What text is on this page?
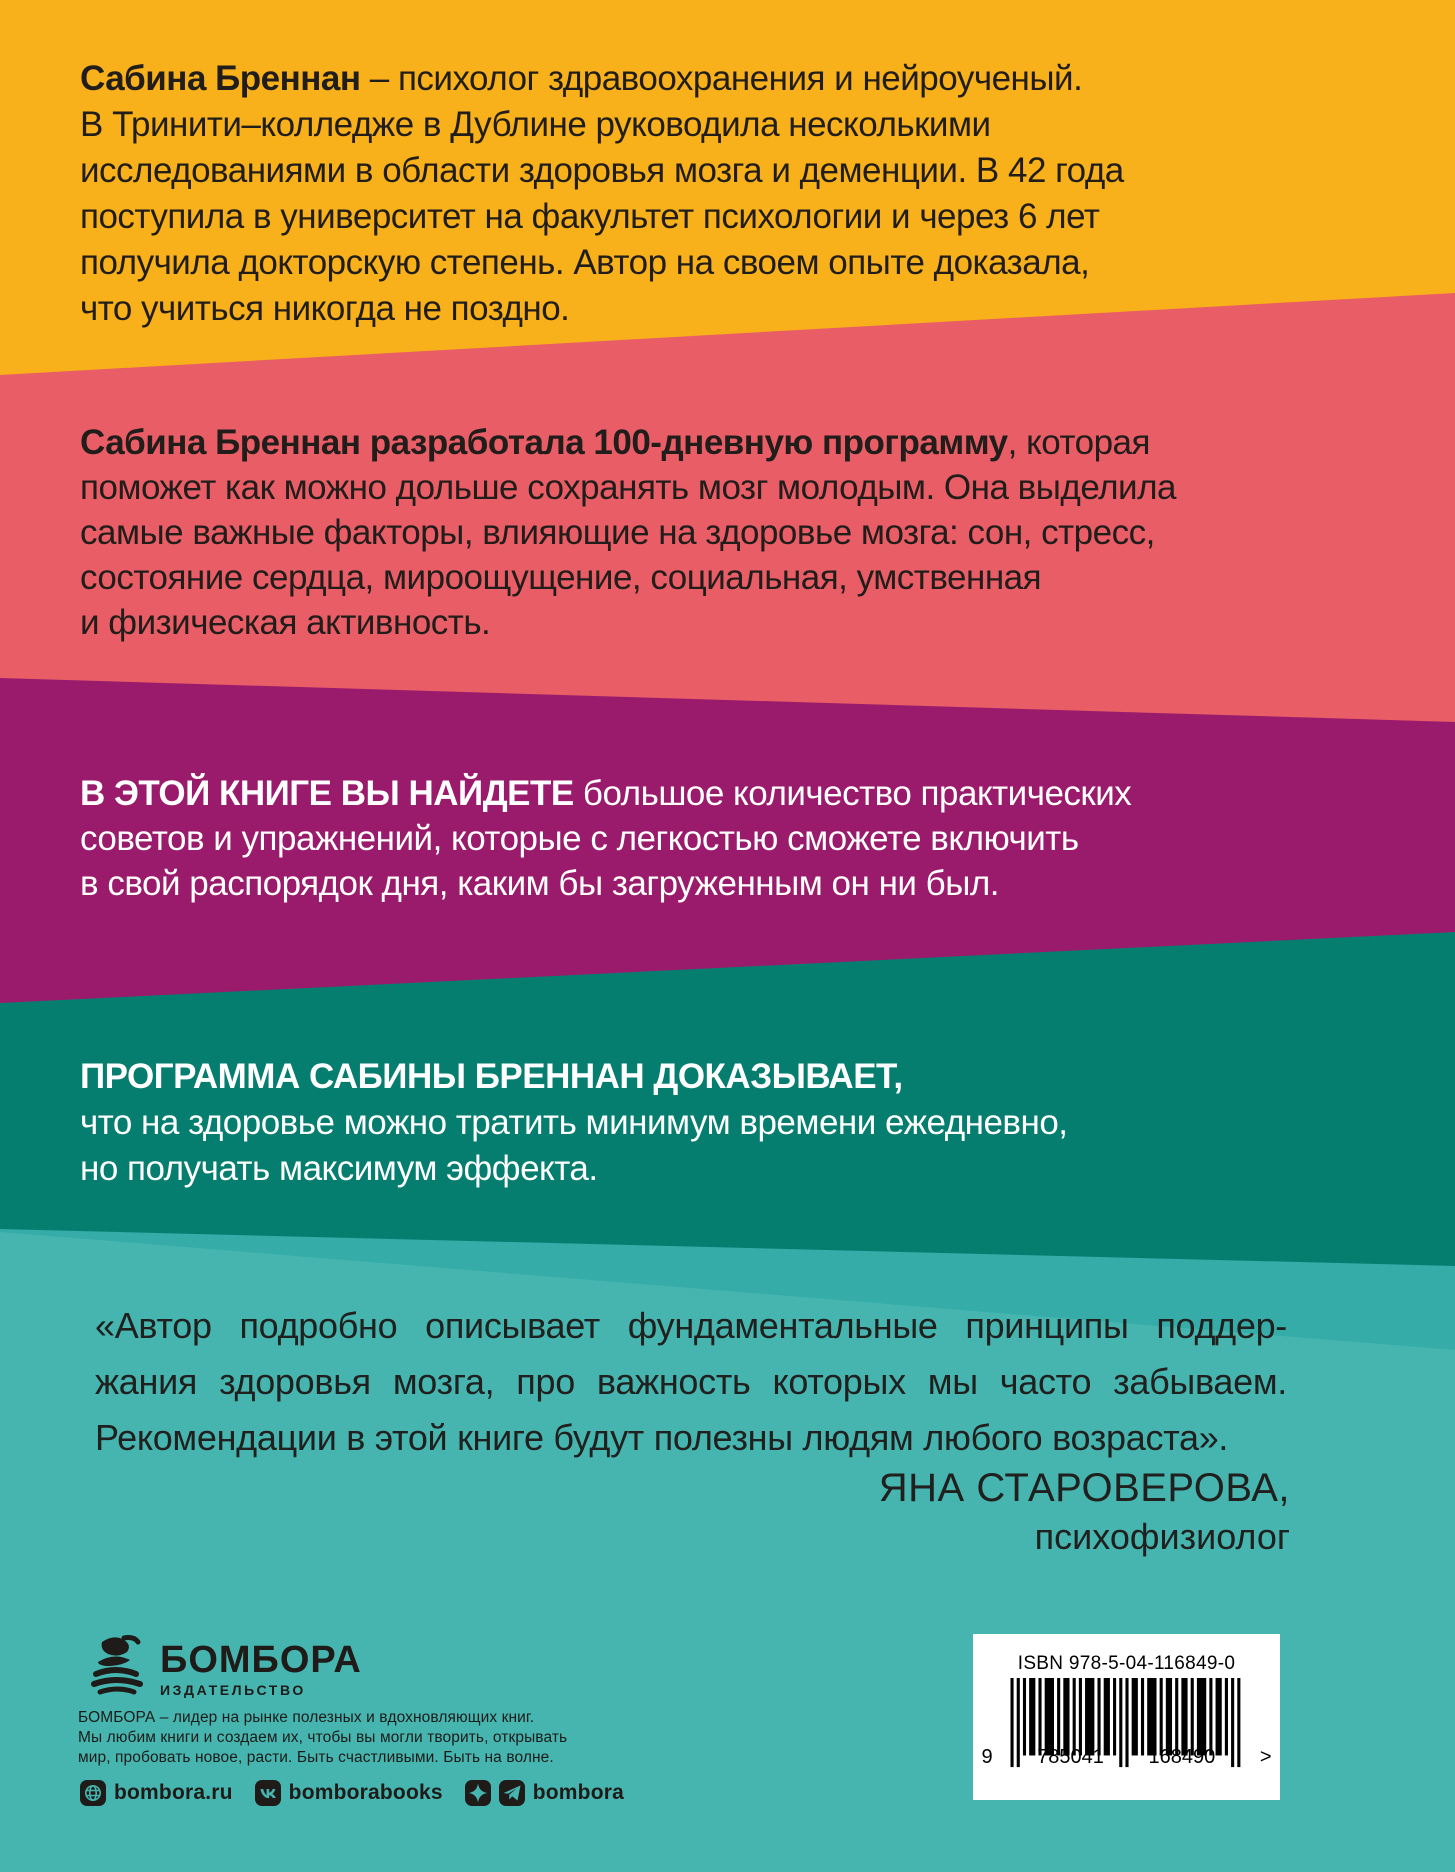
Сабина Бреннан – психолог здравоохранения и нейроученый.
В Тринити–колледже в Дублине руководила несколькими
исследованиями в области здоровья мозга и деменции. В 42 года
поступила в университет на факультет психологии и через 6 лет
получила докторскую степень. Автор на своем опыте доказала,
что учиться никогда не поздно.
Сабина Бреннан разработала 100-дневную программу, которая
поможет как можно дольше сохранять мозг молодым. Она выделила
самые важные факторы, влияющие на здоровье мозга: сон, стресс,
состояние сердца, мироощущение, социальная, умственная
и физическая активность.
В ЭТОЙ КНИГЕ ВЫ НАЙДЕТЕ большое количество практических
советов и упражнений, которые с легкостью сможете включить
в свой распорядок дня, каким бы загруженным он ни был.
ПРОГРАММА САБИНЫ БРЕННАН ДОКАЗЫВАЕТ,
что на здоровье можно тратить минимум времени ежедневно,
но получать максимум эффекта.
«Автор подробно описывает фундаментальные принципы поддер-
жания здоровья мозга, про важность которых мы часто забываем.
Рекомендации в этой книге будут полезны людям любого возраста».
ЯНА СТАРОВЕРОВА,
психофизиолог
БОМБОРА
ИЗДАТЕЛЬСТВО
БОМБОРА – лидер на рынке полезных и вдохновляющих книг.
Мы любим книги и создаем их, чтобы вы могли творить, открывать
мир, пробовать новое, расти. Быть счастливыми. Быть на волне.
bombora.ru	bomborabooks	bombora
ISBN 978-5-04-116849-0
9 785041 168490 >
